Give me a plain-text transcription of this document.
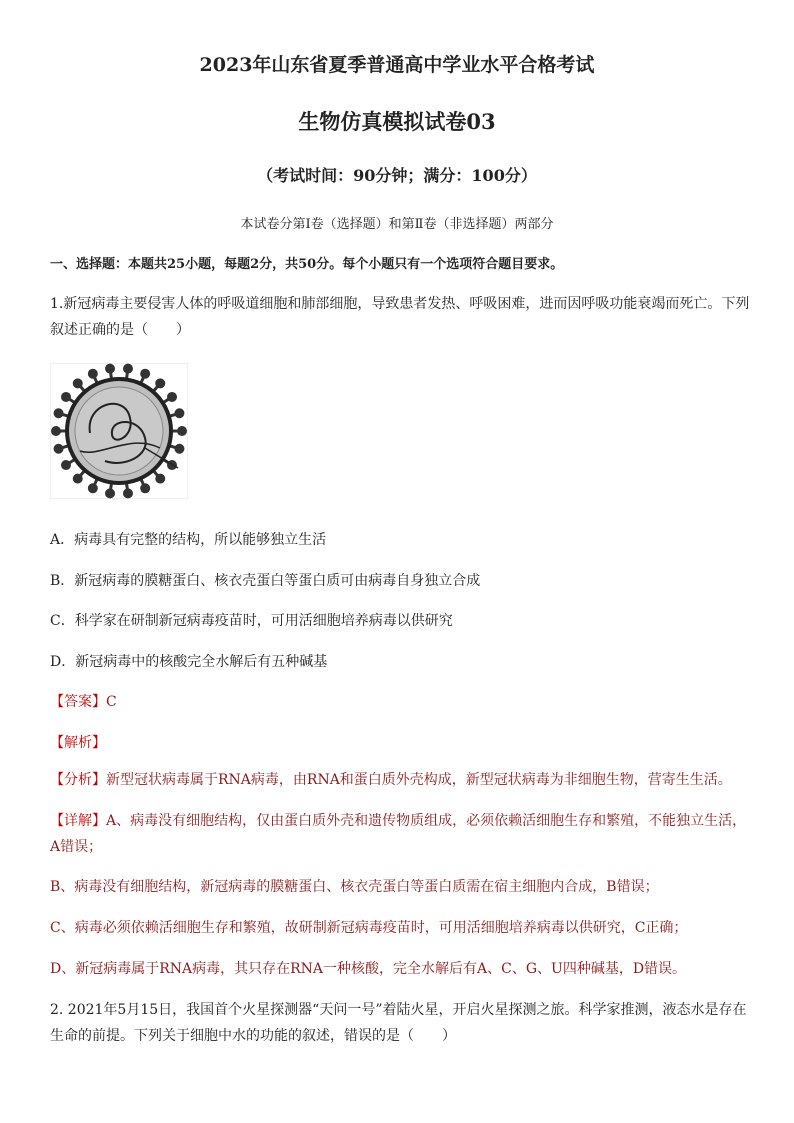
2023年山东省夏季普通高中学业水平合格考试
生物仿真模拟试卷03
（考试时间：90分钟；满分：100分）
本试卷分第Ⅰ卷（选择题）和第Ⅱ卷（非选择题）两部分
一、选择题：本题共25小题，每题2分，共50分。每个小题只有一个选项符合题目要求。
1.新冠病毒主要侵害人体的呼吸道细胞和肺部细胞，导致患者发热、呼吸困难，进而因呼吸功能衰竭而死亡。下列叙述正确的是（　　）
A．病毒具有完整的结构，所以能够独立生活
B．新冠病毒的膜糖蛋白、核衣壳蛋白等蛋白质可由病毒自身独立合成
C．科学家在研制新冠病毒疫苗时，可用活细胞培养病毒以供研究
D．新冠病毒中的核酸完全水解后有五种碱基
【答案】C
【解析】
【分析】新型冠状病毒属于RNA病毒，由RNA和蛋白质外壳构成，新型冠状病毒为非细胞生物，营寄生生活。
【详解】A、病毒没有细胞结构，仅由蛋白质外壳和遗传物质组成，必须依赖活细胞生存和繁殖，不能独立生活，A错误；
B、病毒没有细胞结构，新冠病毒的膜糖蛋白、核衣壳蛋白等蛋白质需在宿主细胞内合成，B错误；
C、病毒必须依赖活细胞生存和繁殖，故研制新冠病毒疫苗时，可用活细胞培养病毒以供研究，C正确；
D、新冠病毒属于RNA病毒，其只存在RNA一种核酸，完全水解后有A、C、G、U四种碱基，D错误。
2. 2021年5月15日，我国首个火星探测器“天问一号”着陆火星，开启火星探测之旅。科学家推测，液态水是存在生命的前提。下列关于细胞中水的功能的叙述，错误的是（　　）
